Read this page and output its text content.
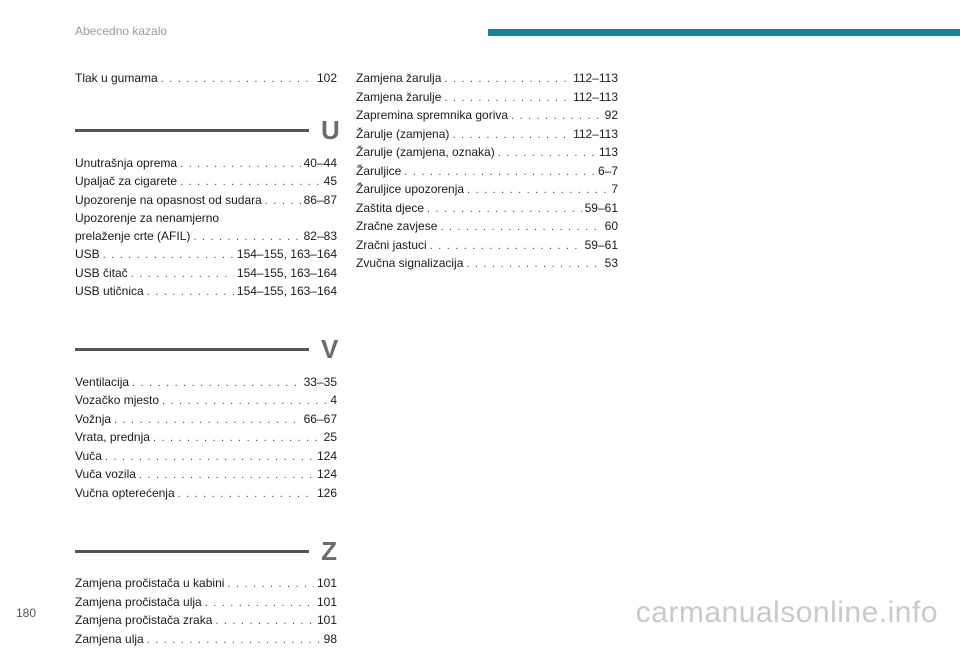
Abecedno kazalo
Tlak u gumama . . .	102
U
Unutrašnja oprema . . .	40–44
Upaljač za cigarete . . .	45
Upozorenje na opasnost od sudara . . .	86–87
Upozorenje za nenamjerno
prelaženje crte (AFIL) . . .	82–83
USB . . .	154–155, 163–164
USB čitač . . .	154–155, 163–164
USB utičnica . . .	154–155, 163–164
V
Ventilacija . . .	33–35
Vozačko mjesto . . .	4
Vožnja . . .	66–67
Vrata, prednja . . .	25
Vuča . . .	124
Vuča vozila . . .	124
Vučna opterećenja . . .	126
Z
Zamjena pročistača u kabini . . .	101
Zamjena pročistača ulja . . .	101
Zamjena pročistača zraka . . .	101
Zamjena ulja . . .	98
Zamjena žarulja . . .	112–113
Zamjena žarulje . . .	112–113
Zapremina spremnika goriva . . .	92
Žarulje (zamjena) . . .	112–113
Žarulje (zamjena, oznaka) . . .	113
Žaruljice . . .	6–7
Žaruljice upozorenja . . .	7
Zaštita djece . . .	59–61
Zračne zavjese . . .	60
Zračni jastuci . . .	59–61
Zvučna signalizacija . . .	53
180	carmanualsonline.info
